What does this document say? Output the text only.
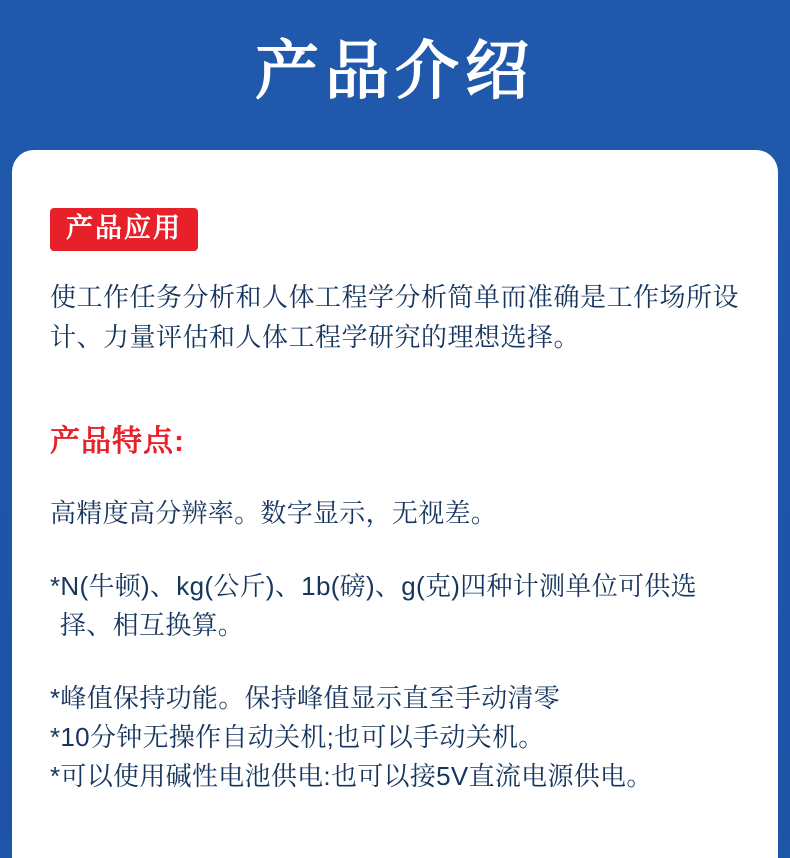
产品介绍
产品应用

使工作任务分析和人体工程学分析简单而准确是工作场所设计、力量评估和人体工程学研究的理想选择。

产品特点:
高精度高分辨率。数字显示，无视差。
*N(牛顿)、kg(公斤)、1b(磅)、g(克)四种计测单位可供选
择、相互换算。
*峰值保持功能。保持峰值显示直至手动清零
*10分钟无操作自动关机;也可以手动关机。
*可以使用碱性电池供电:也可以接5V直流电源供电。
